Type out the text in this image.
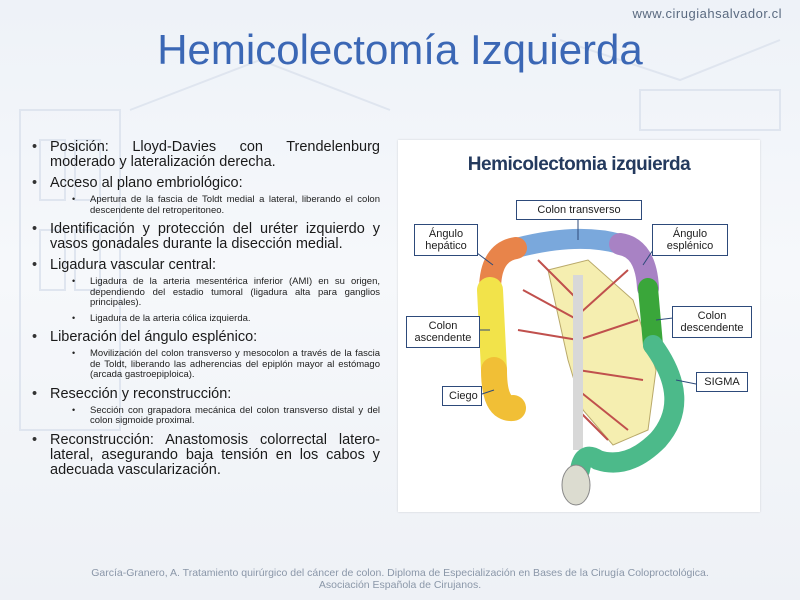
www.cirugiahsalvador.cl
Hemicolectomía Izquierda
• Posición: Lloyd-Davies con Trendelenburg moderado y lateralización derecha.
• Acceso al plano embriológico:
• Apertura de la fascia de Toldt medial a lateral, liberando el colon descendente del retroperitoneo.
• Identificación y protección del uréter izquierdo y vasos gonadales durante la disección medial.
• Ligadura vascular central:
• Ligadura de la arteria mesentérica inferior (AMI) en su origen, dependiendo del estadio tumoral (ligadura alta para ganglios principales).
• Ligadura de la arteria cólica izquierda.
• Liberación del ángulo esplénico:
• Movilización del colon transverso y mesocolon a través de la fascia de Toldt, liberando las adherencias del epiplón mayor al estómago (arcada gastroepiploica).
• Resección y reconstrucción:
• Sección con grapadora mecánica del colon transverso distal y del colon sigmoide proximal.
• Reconstrucción: Anastomosis colorrectal latero-lateral, asegurando baja tensión en los cabos y adecuada vascularización.
Hemicolectomia izquierda
Colon transverso
Ángulo
hepático
Ángulo
esplénico
Colon
ascendente
Colon
descendente
Ciego
SIGMA
García-Granero, A. Tratamiento quirúrgico del cáncer de colon. Diploma de Especialización en Bases de la Cirugía Coloproctológica.
Asociación Española de Cirujanos.
